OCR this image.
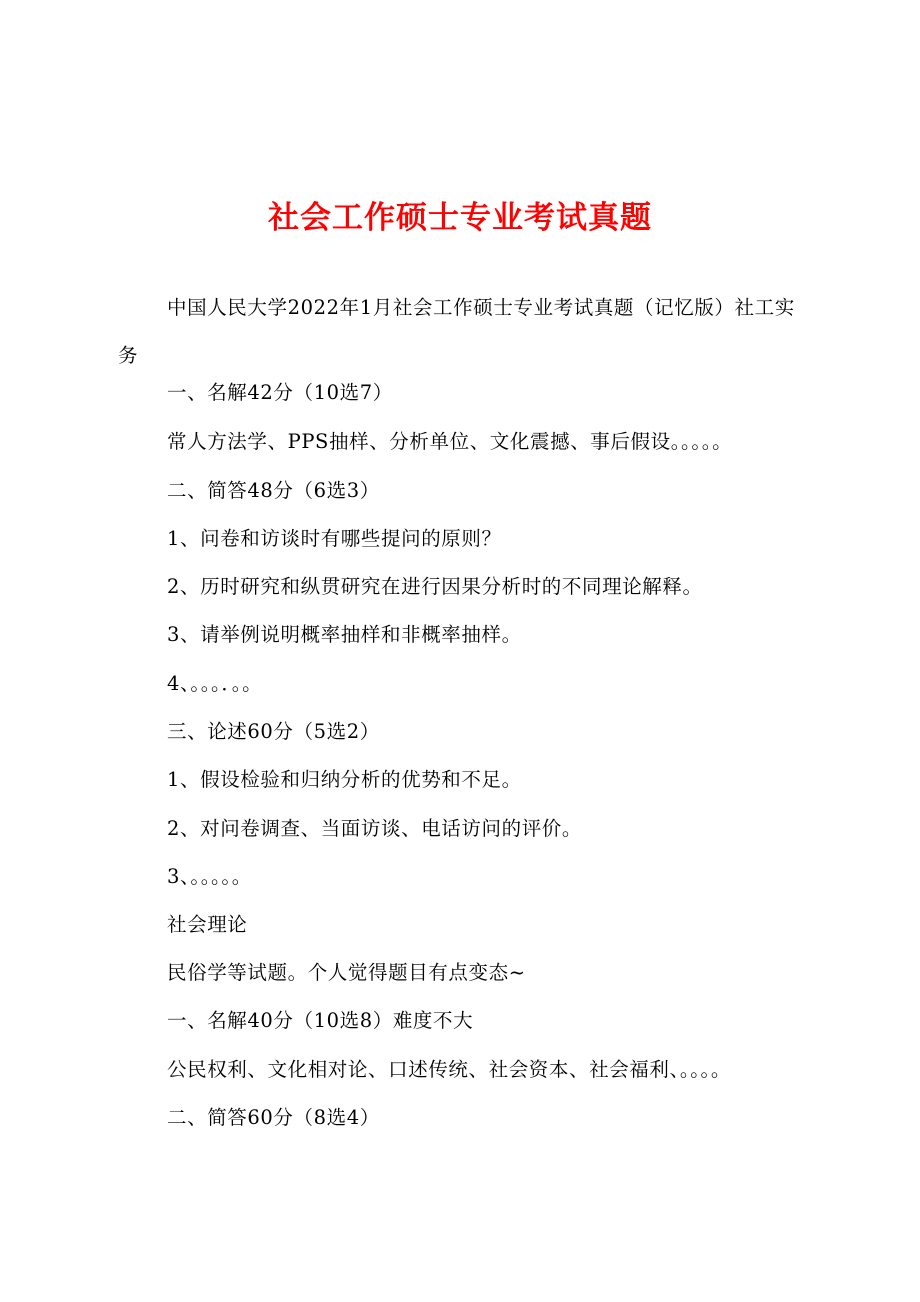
社会工作硕士专业考试真题
中国人民大学2022年1月社会工作硕士专业考试真题（记忆版）社工实务
一、名解42分（10选7）
常人方法学、PPS抽样、分析单位、文化震撼、事后假设。。。。。
二、简答48分（6选3）
1、问卷和访谈时有哪些提问的原则？
2、历时研究和纵贯研究在进行因果分析时的不同理论解释。
3、请举例说明概率抽样和非概率抽样。
4、。。。．。。
三、论述60分（5选2）
1、假设检验和归纳分析的优势和不足。
2、对问卷调查、当面访谈、电话访问的评价。
3、。。。。。
社会理论
民俗学等试题。个人觉得题目有点变态~
一、名解40分（10选8）难度不大
公民权利、文化相对论、口述传统、社会资本、社会福利、。。。。
二、简答60分（8选4）
